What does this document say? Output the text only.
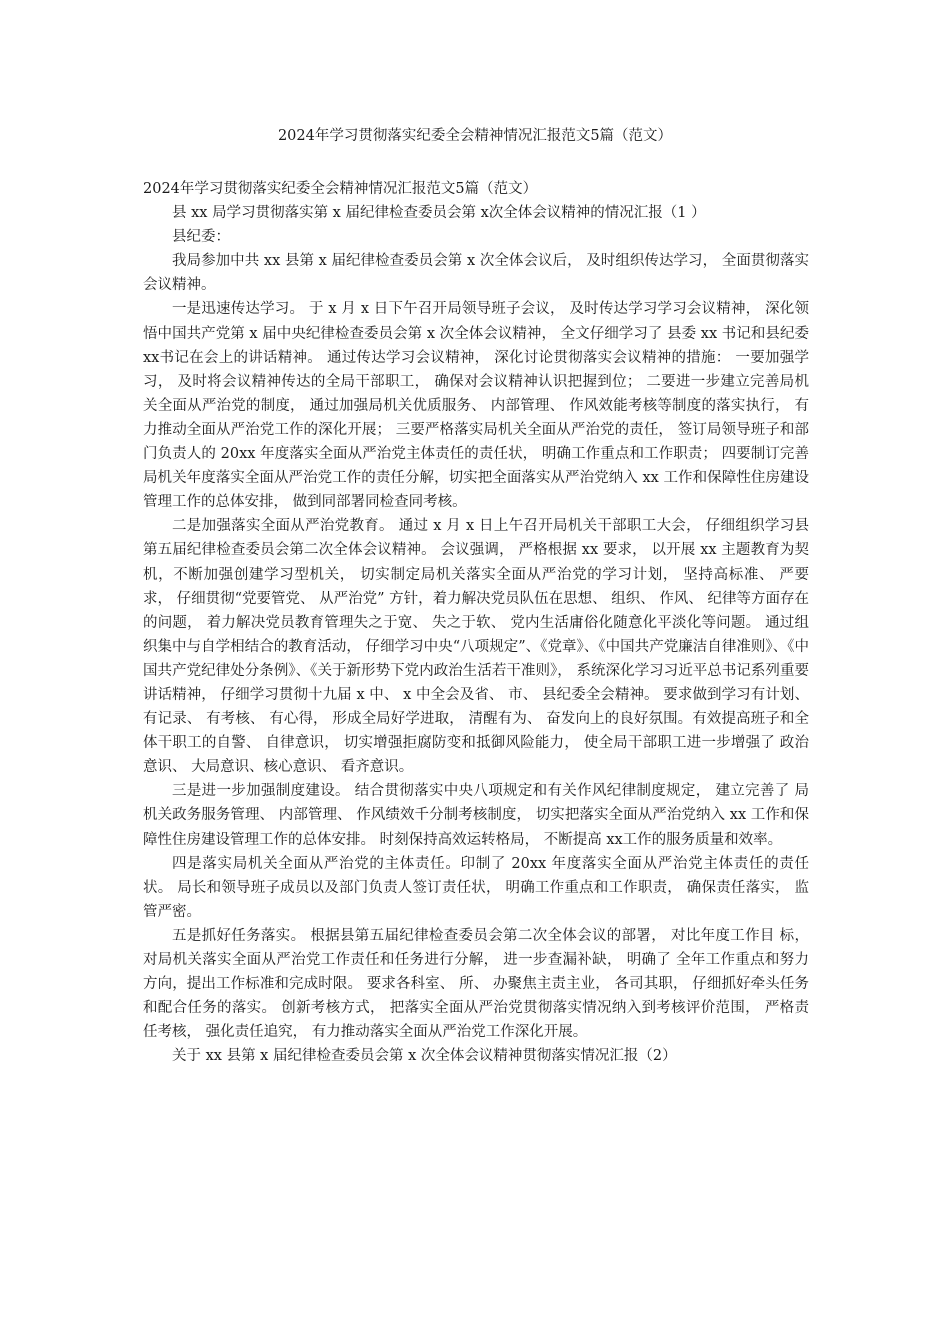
2024年学习贯彻落实纪委全会精神情况汇报范文5篇（范文）

2024年学习贯彻落实纪委全会精神情况汇报范文5篇（范文）

县 xx 局学习贯彻落实第 x 届纪律检查委员会第 x次全体会议精神的情况汇报（1 ）

县纪委：

我局参加中共 xx 县第 x 届纪律检查委员会第 x 次全体会议后， 及时组织传达学习， 全面贯彻落实会议精神。

一是迅速传达学习。 于 x 月 x 日下午召开局领导班子会议， 及时传达学习学习会议精神， 深化领悟中国共产党第 x 届中央纪律检查委员会第 x 次全体会议精神， 全文仔细学习了 县委 xx 书记和县纪委 xx书记在会上的讲话精神。 通过传达学习会议精神， 深化讨论贯彻落实会议精神的措施： 一要加强学习， 及时将会议精神传达的全局干部职工， 确保对会议精神认识把握到位； 二要进一步建立完善局机关全面从严治党的制度， 通过加强局机关优质服务、 内部管理、 作风效能考核等制度的落实执行， 有力推动全面从严治党工作的深化开展； 三要严格落实局机关全面从严治党的责任， 签订局领导班子和部门负责人的 20xx 年度落实全面从严治党主体责任的责任状， 明确工作重点和工作职责； 四要制订完善局机关年度落实全面从严治党工作的责任分解，切实把全面落实从严治党纳入 xx 工作和保障性住房建设管理工作的总体安排， 做到同部署同检查同考核。

二是加强落实全面从严治党教育。 通过 x 月 x 日上午召开局机关干部职工大会， 仔细组织学习县第五届纪律检查委员会第二次全体会议精神。 会议强调， 严格根据 xx 要求， 以开展 xx 主题教育为契机，不断加强创建学习型机关， 切实制定局机关落实全面从严治党的学习计划， 坚持高标准、 严要求， 仔细贯彻“党要管党、 从严治党” 方针，着力解决党员队伍在思想、 组织、 作风、 纪律等方面存在的问题， 着力解决党员教育管理失之于宽、 失之于软、 党内生活庸俗化随意化平淡化等问题。 通过组织集中与自学相结合的教育活动， 仔细学习中央“八项规定”、《党章》、《中国共产党廉洁自律准则》、《中国共产党纪律处分条例》、《关于新形势下党内政治生活若干准则》， 系统深化学习习近平总书记系列重要讲话精神， 仔细学习贯彻十九届 x 中、 x 中全会及省、 市、 县纪委全会精神。 要求做到学习有计划、 有记录、 有考核、 有心得， 形成全局好学进取， 清醒有为、 奋发向上的良好氛围。有效提高班子和全体干职工的自警、 自律意识， 切实增强拒腐防变和抵御风险能力， 使全局干部职工进一步增强了 政治意识、 大局意识、核心意识、 看齐意识。

三是进一步加强制度建设。 结合贯彻落实中央八项规定和有关作风纪律制度规定， 建立完善了 局机关政务服务管理、 内部管理、 作风绩效千分制考核制度， 切实把落实全面从严治党纳入 xx 工作和保障性住房建设管理工作的总体安排。 时刻保持高效运转格局， 不断提高 xx工作的服务质量和效率。

四是落实局机关全面从严治党的主体责任。印制了 20xx 年度落实全面从严治党主体责任的责任状。 局长和领导班子成员以及部门负责人签订责任状， 明确工作重点和工作职责， 确保责任落实， 监管严密。

五是抓好任务落实。 根据县第五届纪律检查委员会第二次全体会议的部署， 对比年度工作目 标， 对局机关落实全面从严治党工作责任和任务进行分解， 进一步查漏补缺， 明确了 全年工作重点和努力方向，提出工作标准和完成时限。 要求各科室、 所、 办聚焦主责主业， 各司其职， 仔细抓好牵头任务和配合任务的落实。 创新考核方式， 把落实全面从严治党贯彻落实情况纳入到考核评价范围， 严格责任考核， 强化责任追究， 有力推动落实全面从严治党工作深化开展。

关于 xx 县第 x 届纪律检查委员会第 x 次全体会议精神贯彻落实情况汇报（2）
